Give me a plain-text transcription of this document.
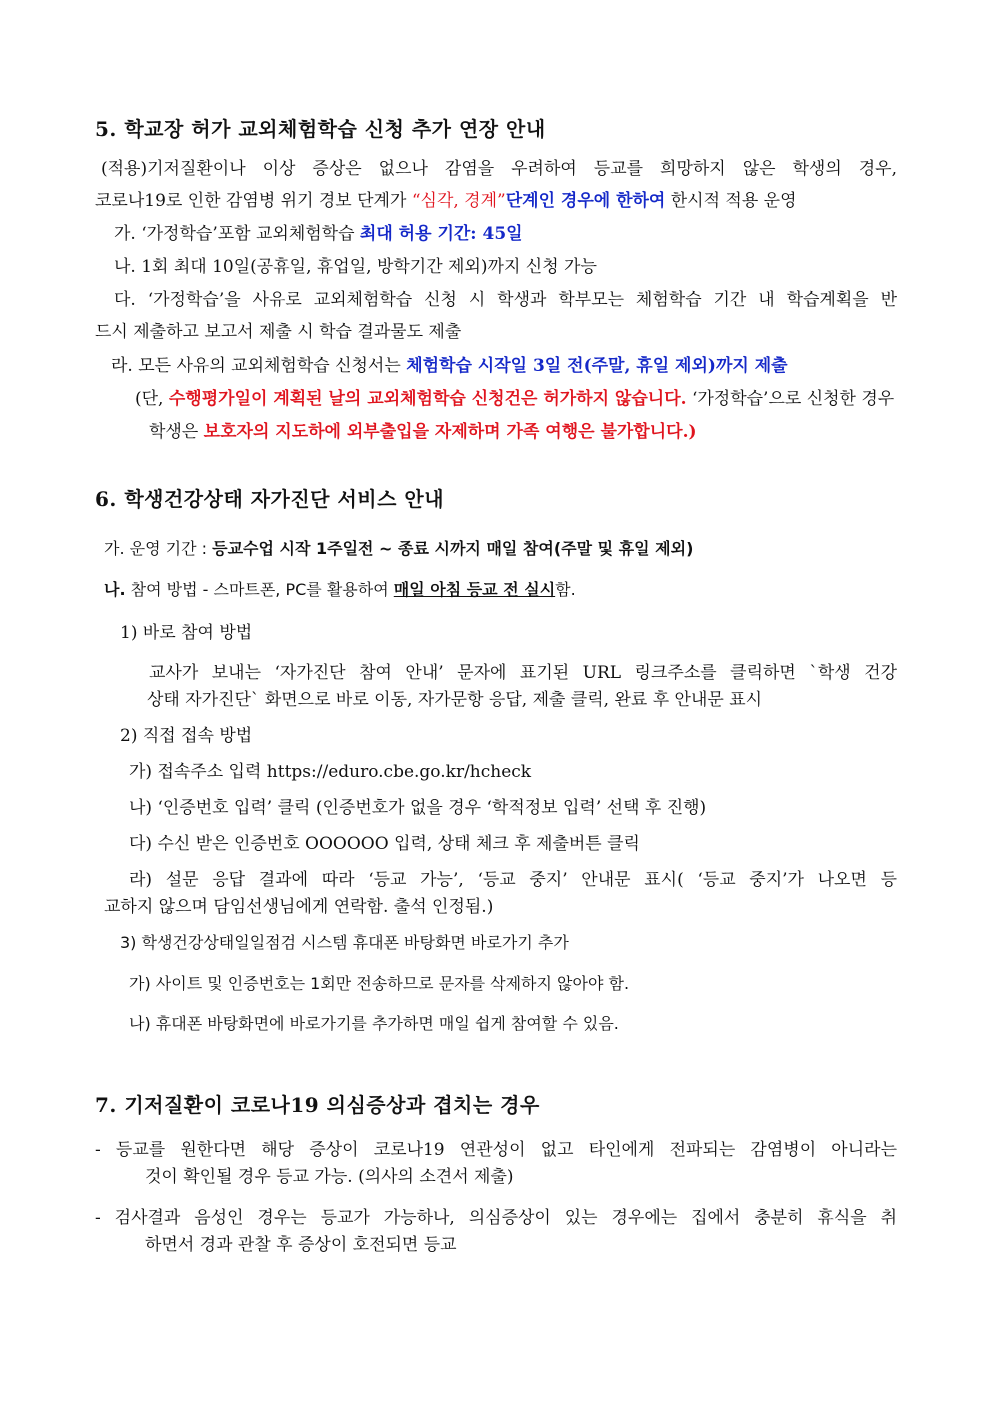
5. 학교장 허가 교외체험학습 신청 추가 연장 안내
(적용)기저질환이나 이상 증상은 없으나 감염을 우려하여 등교를 희망하지 않은 학생의 경우,
코로나19로 인한 감염병 위기 경보 단계가 “심각, 경계”단계인 경우에 한하여 한시적 적용 운영
가. ‘가정학습’포함 교외체험학습 최대 허용 기간: 45일
나. 1회 최대 10일(공휴일, 휴업일, 방학기간 제외)까지 신청 가능
다. ‘가정학습’을 사유로 교외체험학습 신청 시 학생과 학부모는 체험학습 기간 내 학습계획을 반
드시 제출하고 보고서 제출 시 학습 결과물도 제출
라. 모든 사유의 교외체험학습 신청서는 체험학습 시작일 3일 전(주말, 휴일 제외)까지 제출
(단, 수행평가일이 계획된 날의 교외체험학습 신청건은 허가하지 않습니다. ‘가정학습’으로 신청한 경우
학생은 보호자의 지도하에 외부출입을 자제하며 가족 여행은 불가합니다.)
6. 학생건강상태 자가진단 서비스 안내
가. 운영 기간 : 등교수업 시작 1주일전 ~ 종료 시까지 매일 참여(주말 및 휴일 제외)
나. 참여 방법 - 스마트폰, PC를 활용하여 매일 아침 등교 전 실시함.
1) 바로 참여 방법
교사가 보내는 ‘자가진단 참여 안내’ 문자에 표기된 URL 링크주소를 클릭하면 `학생 건강
상태 자가진단` 화면으로 바로 이동, 자가문항 응답, 제출 클릭, 완료 후 안내문 표시
2) 직접 접속 방법
가) 접속주소 입력 https://eduro.cbe.go.kr/hcheck
나) ‘인증번호 입력’ 클릭 (인증번호가 없을 경우 ‘학적정보 입력’ 선택 후 진행)
다) 수신 받은 인증번호 OOOOOO 입력, 상태 체크 후 제출버튼 클릭
라) 설문 응답 결과에 따라 ‘등교 가능’, ‘등교 중지’ 안내문 표시( ‘등교 중지’가 나오면 등
교하지 않으며 담임선생님에게 연락함. 출석 인정됨.)
3) 학생건강상태일일점검 시스템 휴대폰 바탕화면 바로가기 추가
가) 사이트 및 인증번호는 1회만 전송하므로 문자를 삭제하지 않아야 함.
나) 휴대폰 바탕화면에 바로가기를 추가하면 매일 쉽게 참여할 수 있음.
7. 기저질환이 코로나19 의심증상과 겹치는 경우
- 등교를 원한다면 해당 증상이 코로나19 연관성이 없고 타인에게 전파되는 감염병이 아니라는
것이 확인될 경우 등교 가능. (의사의 소견서 제출)
- 검사결과 음성인 경우는 등교가 가능하나, 의심증상이 있는 경우에는 집에서 충분히 휴식을 취
하면서 경과 관찰 후 증상이 호전되면 등교
